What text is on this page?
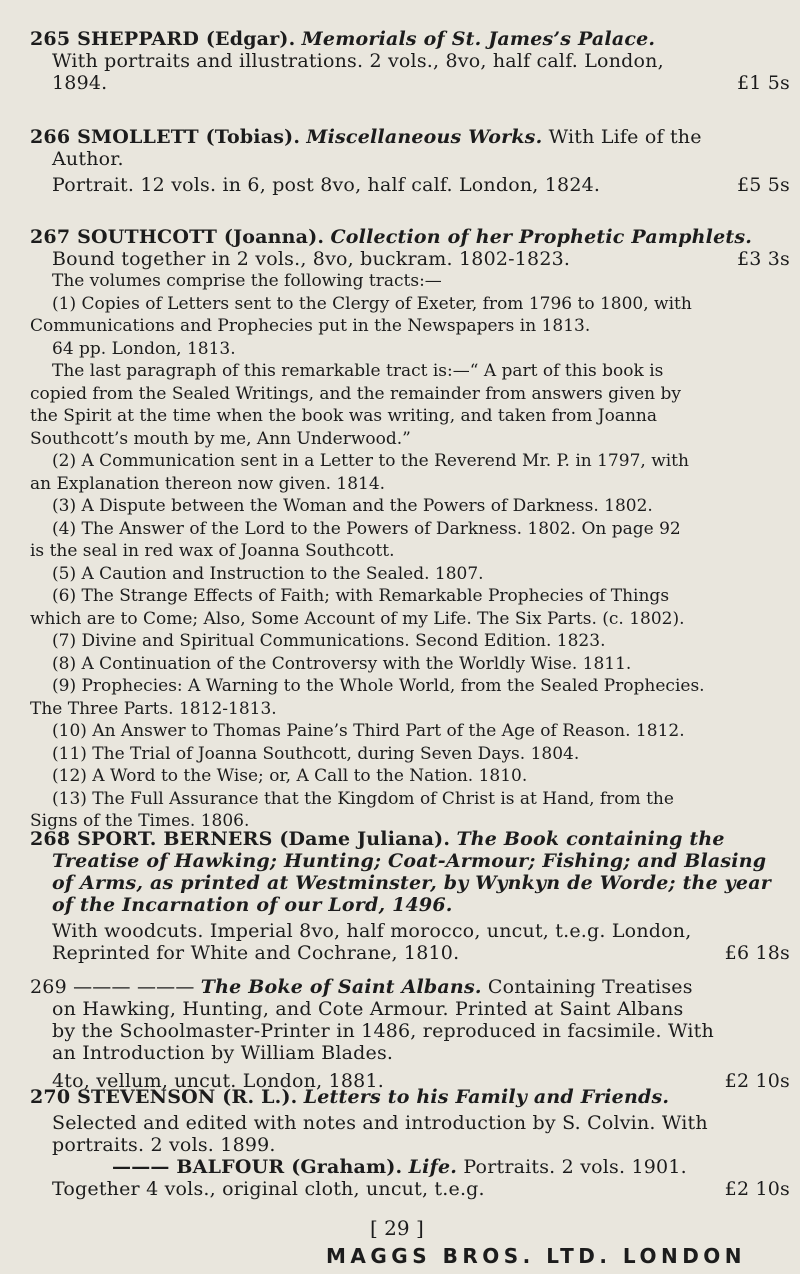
265 SHEPPARD (Edgar). Memorials of St. James’s Palace.

With portraits and illustrations. 2 vols., 8vo, half calf. London,

1894.	£1 5s

266 SMOLLETT (Tobias). Miscellaneous Works. With Life of the

Author.

Portrait. 12 vols. in 6, post 8vo, half calf. London, 1824.	£5 5s

267 SOUTHCOTT (Joanna). Collection of her Prophetic Pamphlets.

Bound together in 2 vols., 8vo, buckram. 1802-1823.	£3 3s

The volumes comprise the following tracts:—

(1) Copies of Letters sent to the Clergy of Exeter, from 1796 to 1800, with

Communications and Prophecies put in the Newspapers in 1813.

64 pp. London, 1813.

The last paragraph of this remarkable tract is:—“ A part of this book is

copied from the Sealed Writings, and the remainder from answers given by

the Spirit at the time when the book was writing, and taken from Joanna

Southcott’s mouth by me, Ann Underwood.”

(2) A Communication sent in a Letter to the Reverend Mr. P. in 1797, with

an Explanation thereon now given. 1814.

(3) A Dispute between the Woman and the Powers of Darkness. 1802.

(4) The Answer of the Lord to the Powers of Darkness. 1802. On page 92

is the seal in red wax of Joanna Southcott.

(5) A Caution and Instruction to the Sealed. 1807.

(6) The Strange Effects of Faith; with Remarkable Prophecies of Things

which are to Come; Also, Some Account of my Life. The Six Parts. (c. 1802).

(7) Divine and Spiritual Communications. Second Edition. 1823.

(8) A Continuation of the Controversy with the Worldly Wise. 1811.

(9) Prophecies: A Warning to the Whole World, from the Sealed Prophecies.

The Three Parts. 1812-1813.

(10) An Answer to Thomas Paine’s Third Part of the Age of Reason. 1812.

(11) The Trial of Joanna Southcott, during Seven Days. 1804.

(12) A Word to the Wise; or, A Call to the Nation. 1810.

(13) The Full Assurance that the Kingdom of Christ is at Hand, from the

Signs of the Times. 1806.

268 SPORT. BERNERS (Dame Juliana). The Book containing the

Treatise of Hawking; Hunting; Coat-Armour; Fishing; and Blasing

of Arms, as printed at Westminster, by Wynkyn de Worde; the year

of the Incarnation of our Lord, 1496.

With woodcuts. Imperial 8vo, half morocco, uncut, t.e.g. London,

Reprinted for White and Cochrane, 1810.	£6 18s

269 ——— ——— The Boke of Saint Albans. Containing Treatises

on Hawking, Hunting, and Cote Armour. Printed at Saint Albans

by the Schoolmaster-Printer in 1486, reproduced in facsimile. With

an Introduction by William Blades.

4to, vellum, uncut. London, 1881.	£2 10s

270 STEVENSON (R. L.). Letters to his Family and Friends.

Selected and edited with notes and introduction by S. Colvin. With

portraits. 2 vols. 1899.

——— BALFOUR (Graham). Life. Portraits. 2 vols. 1901.

Together 4 vols., original cloth, uncut, t.e.g.	£2 10s

[ 29 ]
MAGGS BROS. LTD. LONDON
